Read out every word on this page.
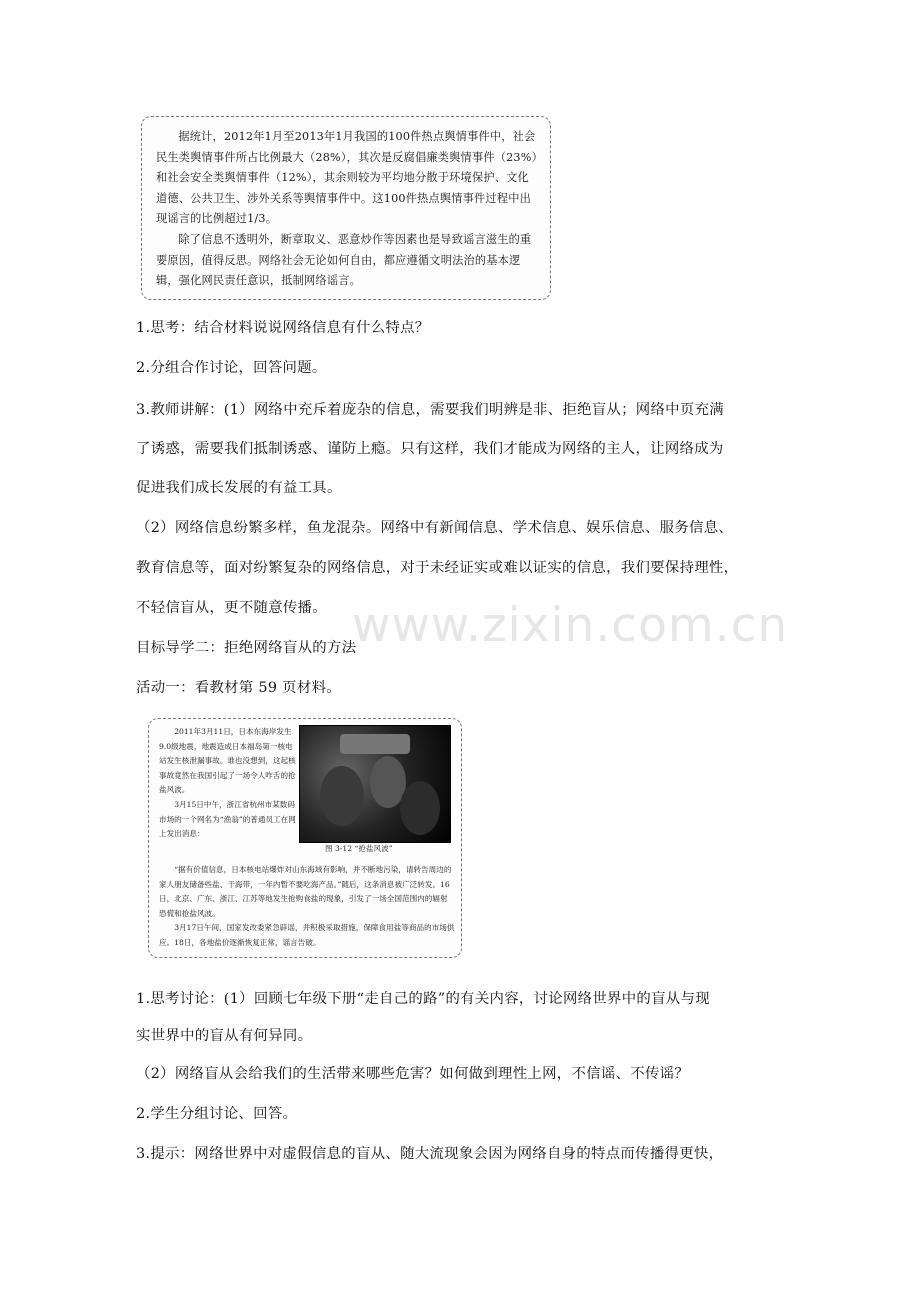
据统计，2012年1月至2013年1月我国的100件热点舆情事件中，社会民生类舆情事件所占比例最大（28%），其次是反腐倡廉类舆情事件（23%）和社会安全类舆情事件（12%），其余则较为平均地分散于环境保护、文化道德、公共卫生、涉外关系等舆情事件中。这100件热点舆情事件过程中出现谣言的比例超过1/3。

除了信息不透明外，断章取义、恶意炒作等因素也是导致谣言滋生的重要原因，值得反思。网络社会无论如何自由，都应遵循文明法治的基本逻辑，强化网民责任意识，抵制网络谣言。

1.思考：结合材料说说网络信息有什么特点？
2.分组合作讨论，回答问题。
3.教师讲解：(1）网络中充斥着庞杂的信息，需要我们明辨是非、拒绝盲从；网络中页充满
了诱惑，需要我们抵制诱惑、谨防上瘾。只有这样，我们才能成为网络的主人，让网络成为
促进我们成长发展的有益工具。
（2）网络信息纷繁多样，鱼龙混杂。网络中有新闻信息、学术信息、娱乐信息、服务信息、
教育信息等，面对纷繁复杂的网络信息，对于未经证实或难以证实的信息，我们要保持理性，
不轻信盲从，更不随意传播。
目标导学二：拒绝网络盲从的方法
活动一：看教材第 59 页材料。
www.zixin.com.cn

2011年3月11日，日本东海岸发生9.0级地震，地震造成日本福岛第一核电站发生核泄漏事故。谁也没想到，这起核事故竟然在我国引起了一场令人咋舌的抢盐风波。

3月15日中午，浙江省杭州市某数码市场的一个网名为“渔翁”的普通员工在网上发出消息：

图 3-12 “抢盐风波”

“据有价值信息，日本核电站爆炸对山东海域有影响，并不断地污染，请转告周边的家人朋友储备些盐、干海带，一年内暂不要吃海产品。”随后，这条消息被广泛转发。16日，北京、广东、浙江、江苏等地发生抢购食盐的现象，引发了一场全国范围内的辐射恐慌和抢盐风波。

3月17日午间，国家发改委紧急辟谣，并积极采取措施，保障食用盐等商品的市场供应。18日，各地盐价逐渐恢复正常，谣言告破。

1.思考讨论：(1）回顾七年级下册“走自己的路”的有关内容，讨论网络世界中的盲从与现
实世界中的盲从有何异同。
（2）网络盲从会给我们的生活带来哪些危害？如何做到理性上网，不信谣、不传谣？
2.学生分组讨论、回答。
3.提示：网络世界中对虚假信息的盲从、随大流现象会因为网络自身的特点而传播得更快，
